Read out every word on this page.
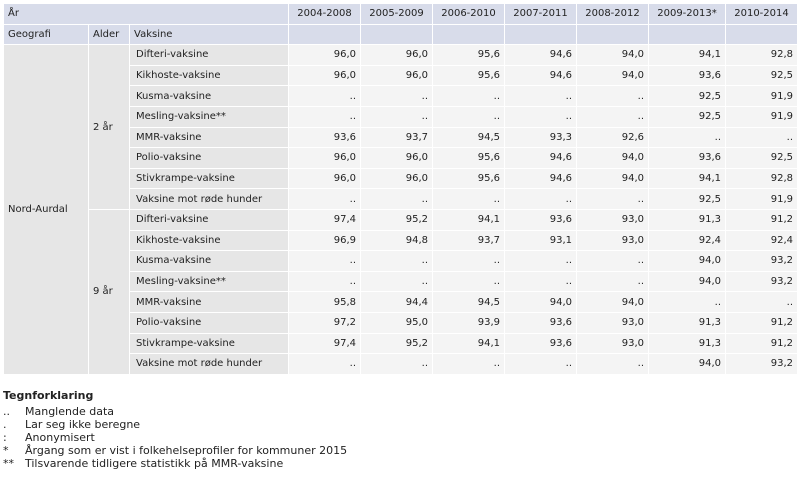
År			2004-2008	2005-2009	2006-2010	2007-2011	2008-2012	2009-2013*	2010-2014
Geografi	Alder	Vaksine							
Nord-Aurdal	2 år	Difteri-vaksine	96,0	96,0	95,6	94,6	94,0	94,1	92,8
		Kikhoste-vaksine	96,0	96,0	95,6	94,6	94,0	93,6	92,5
		Kusma-vaksine	..	..	..	..	..	92,5	91,9
		Mesling-vaksine**	..	..	..	..	..	92,5	91,9
		MMR-vaksine	93,6	93,7	94,5	93,3	92,6	..	..
		Polio-vaksine	96,0	96,0	95,6	94,6	94,0	93,6	92,5
		Stivkrampe-vaksine	96,0	96,0	95,6	94,6	94,0	94,1	92,8
		Vaksine mot røde hunder	..	..	..	..	..	92,5	91,9
	9 år	Difteri-vaksine	97,4	95,2	94,1	93,6	93,0	91,3	91,2
		Kikhoste-vaksine	96,9	94,8	93,7	93,1	93,0	92,4	92,4
		Kusma-vaksine	..	..	..	..	..	94,0	93,2
		Mesling-vaksine**	..	..	..	..	..	94,0	93,2
		MMR-vaksine	95,8	94,4	94,5	94,0	94,0	..	..
		Polio-vaksine	97,2	95,0	93,9	93,6	93,0	91,3	91,2
		Stivkrampe-vaksine	97,4	95,2	94,1	93,6	93,0	91,3	91,2
		Vaksine mot røde hunder	..	..	..	..	..	94,0	93,2
Tegnforklaring
..	Manglende data
.	Lar seg ikke beregne
:	Anonymisert
*	Årgang som er vist i folkehelseprofiler for kommuner 2015
**	Tilsvarende tidligere statistikk på MMR-vaksine
